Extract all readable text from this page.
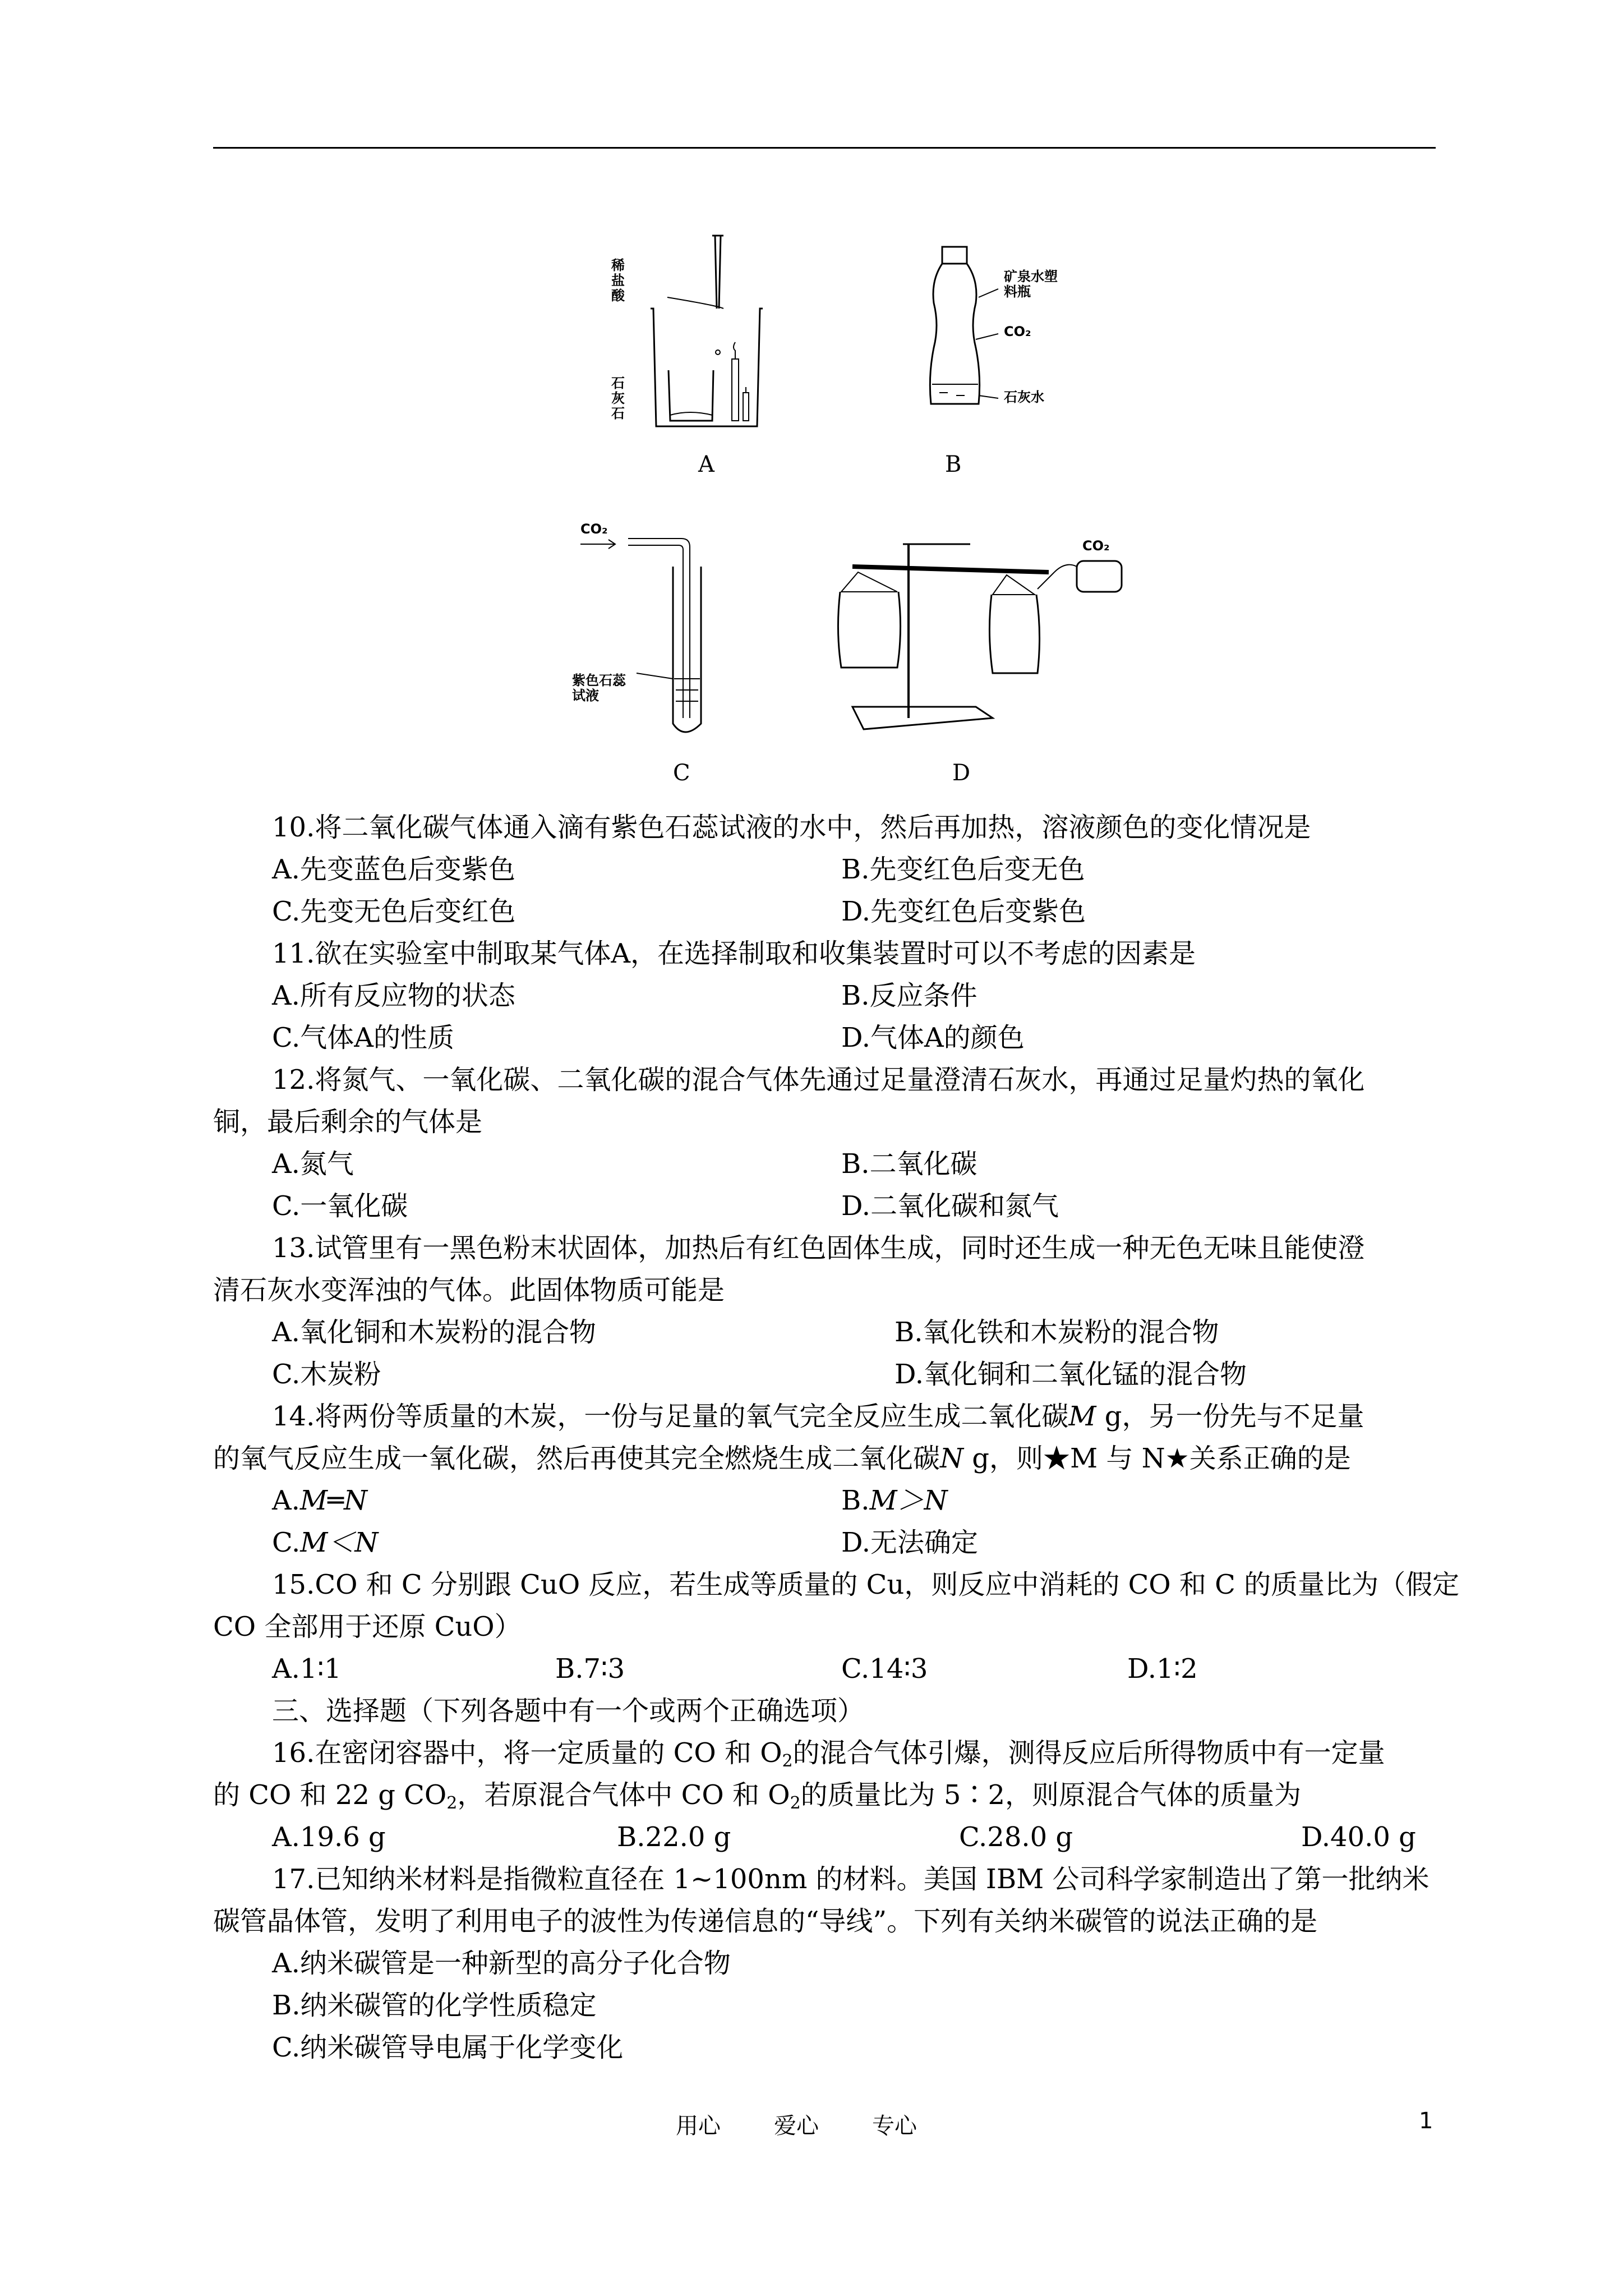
稀盐酸
石灰石
A
矿泉水塑料瓶
CO₂
石灰水
B
CO₂
紫色石蕊试液
C
CO₂
D
10.将二氧化碳气体通入滴有紫色石蕊试液的水中，然后再加热，溶液颜色的变化情况是
A.先变蓝色后变紫色	B.先变红色后变无色
C.先变无色后变红色	D.先变红色后变紫色
11.欲在实验室中制取某气体A，在选择制取和收集装置时可以不考虑的因素是
A.所有反应物的状态	B.反应条件
C.气体A的性质	D.气体A的颜色
12.将氮气、一氧化碳、二氧化碳的混合气体先通过足量澄清石灰水，再通过足量灼热的氧化
铜，最后剩余的气体是
A.氮气	B.二氧化碳
C.一氧化碳	D.二氧化碳和氮气
13.试管里有一黑色粉末状固体，加热后有红色固体生成，同时还生成一种无色无味且能使澄
清石灰水变浑浊的气体。此固体物质可能是
A.氧化铜和木炭粉的混合物	B.氧化铁和木炭粉的混合物
C.木炭粉	D.氧化铜和二氧化锰的混合物
14.将两份等质量的木炭，一份与足量的氧气完全反应生成二氧化碳M g，另一份先与不足量
的氧气反应生成一氧化碳，然后再使其完全燃烧生成二氧化碳N g，则★M 与 N★关系正确的是
A.M═N	B.M＞N
C.M＜N	D.无法确定
15.CO 和 C 分别跟 CuO 反应，若生成等质量的 Cu，则反应中消耗的 CO 和 C 的质量比为（假定
CO 全部用于还原 CuO）
A.1∶1	B.7∶3	C.14∶3	D.1∶2
三、选择题（下列各题中有一个或两个正确选项）
16.在密闭容器中，将一定质量的 CO 和 $O_2$的混合气体引爆，测得反应后所得物质中有一定量
的 CO 和 22 g $CO_2$，若原混合气体中 CO 和 $O_2$的质量比为 5∶2，则原混合气体的质量为
A.19.6 g	B.22.0 g	C.28.0 g	D.40.0 g
17.已知纳米材料是指微粒直径在 1~100nm 的材料。美国 IBM 公司科学家制造出了第一批纳米
碳管晶体管，发明了利用电子的波性为传递信息的“导线”。下列有关纳米碳管的说法正确的是
A.纳米碳管是一种新型的高分子化合物
B.纳米碳管的化学性质稳定
C.纳米碳管导电属于化学变化
用心 爱心 专心	1
